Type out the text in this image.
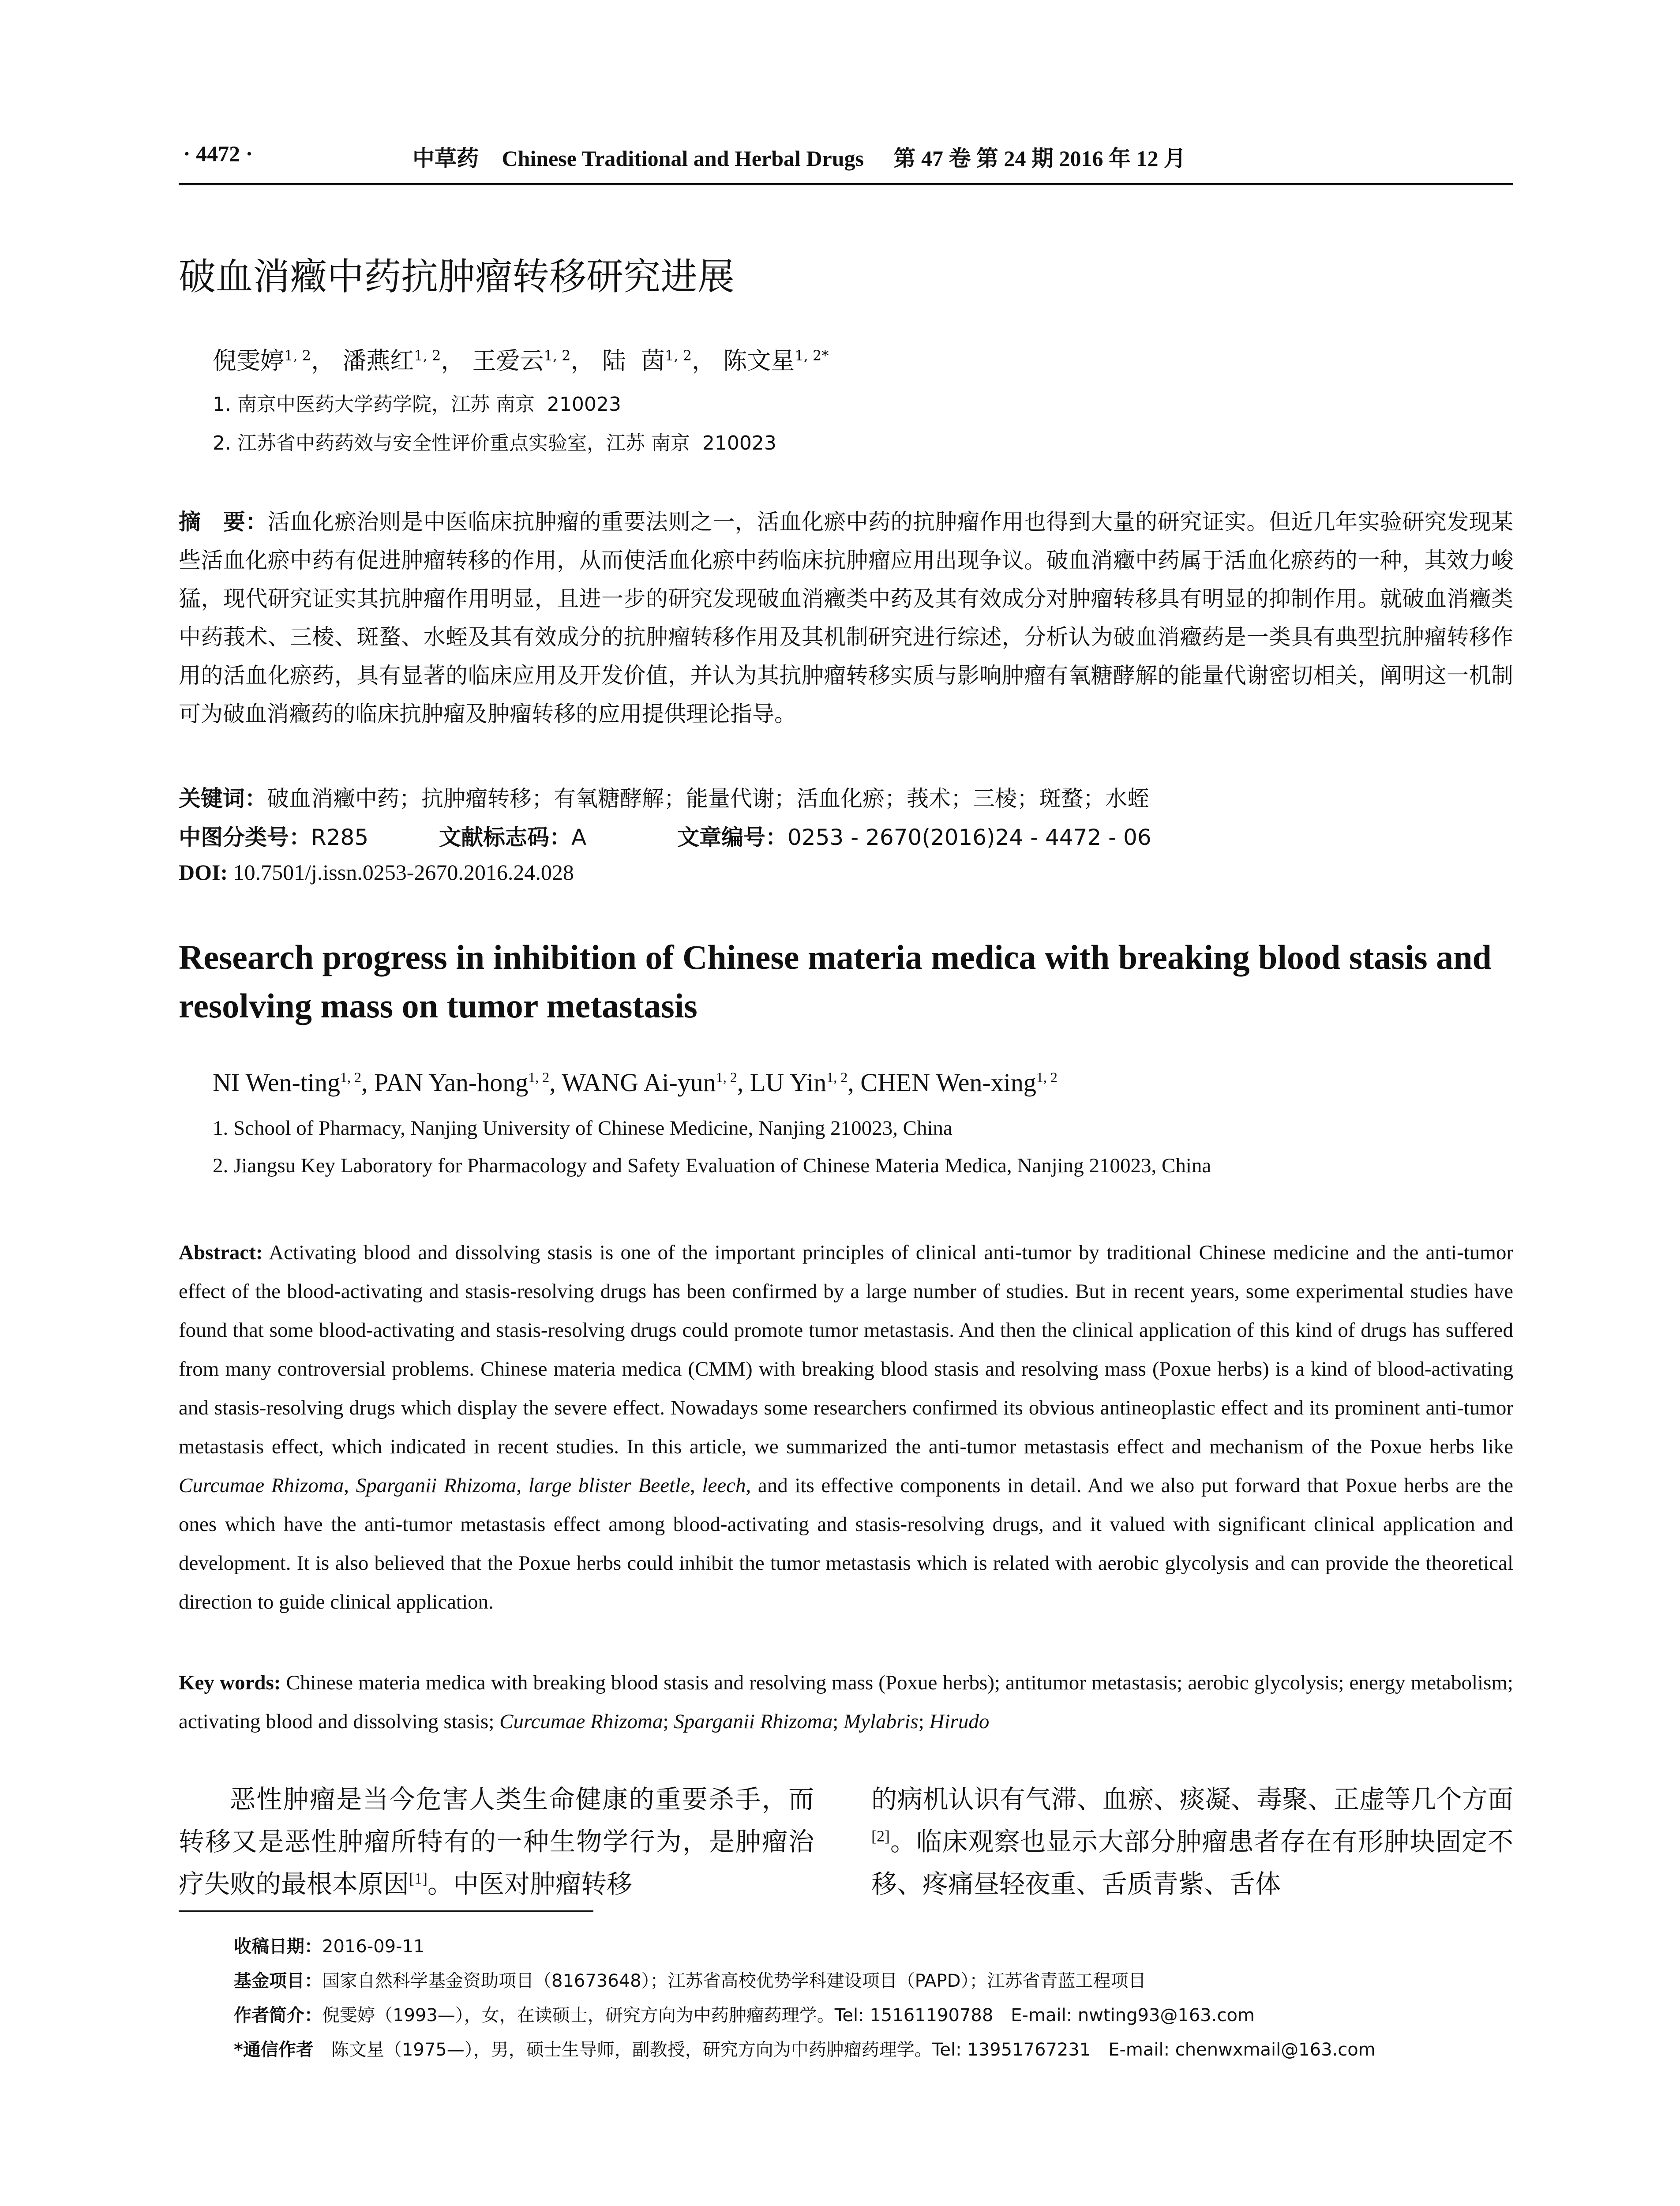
· 4472 ·	中草药 Chinese Traditional and Herbal Drugs 第 47 卷 第 24 期 2016 年 12 月
破血消癥中药抗肿瘤转移研究进展
倪雯婷$^{1, 2}$， 潘燕红$^{1, 2}$， 王爱云$^{1, 2}$， 陆  茵$^{1, 2}$， 陈文星$^{1, 2*}$
1. 南京中医药大学药学院，江苏 南京  210023
2. 江苏省中药药效与安全性评价重点实验室，江苏 南京  210023
摘　要：活血化瘀治则是中医临床抗肿瘤的重要法则之一，活血化瘀中药的抗肿瘤作用也得到大量的研究证实。但近几年实验研究发现某些活血化瘀中药有促进肿瘤转移的作用，从而使活血化瘀中药临床抗肿瘤应用出现争议。破血消癥中药属于活血化瘀药的一种，其效力峻猛，现代研究证实其抗肿瘤作用明显，且进一步的研究发现破血消癥类中药及其有效成分对肿瘤转移具有明显的抑制作用。就破血消癥类中药莪术、三棱、斑蝥、水蛭及其有效成分的抗肿瘤转移作用及其机制研究进行综述，分析认为破血消癥药是一类具有典型抗肿瘤转移作用的活血化瘀药，具有显著的临床应用及开发价值，并认为其抗肿瘤转移实质与影响肿瘤有氧糖酵解的能量代谢密切相关，阐明这一机制可为破血消癥药的临床抗肿瘤及肿瘤转移的应用提供理论指导。
关键词：破血消癥中药；抗肿瘤转移；有氧糖酵解；能量代谢；活血化瘀；莪术；三棱；斑蝥；水蛭
中图分类号：R285	文献标志码：A	文章编号：0253 - 2670(2016)24 - 4472 - 06
DOI: 10.7501/j.issn.0253-2670.2016.24.028
Research progress in inhibition of Chinese materia medica with breaking blood stasis and resolving mass on tumor metastasis
NI Wen-ting$^{1, 2}$, PAN Yan-hong$^{1, 2}$, WANG Ai-yun$^{1, 2}$, LU Yin$^{1, 2}$, CHEN Wen-xing$^{1, 2}$
1. School of Pharmacy, Nanjing University of Chinese Medicine, Nanjing 210023, China
2. Jiangsu Key Laboratory for Pharmacology and Safety Evaluation of Chinese Materia Medica, Nanjing 210023, China
Abstract: Activating blood and dissolving stasis is one of the important principles of clinical anti-tumor by traditional Chinese medicine and the anti-tumor effect of the blood-activating and stasis-resolving drugs has been confirmed by a large number of studies. But in recent years, some experimental studies have found that some blood-activating and stasis-resolving drugs could promote tumor metastasis. And then the clinical application of this kind of drugs has suffered from many controversial problems. Chinese materia medica (CMM) with breaking blood stasis and resolving mass (Poxue herbs) is a kind of blood-activating and stasis-resolving drugs which display the severe effect. Nowadays some researchers confirmed its obvious antineoplastic effect and its prominent anti-tumor metastasis effect, which indicated in recent studies. In this article, we summarized the anti-tumor metastasis effect and mechanism of the Poxue herbs like Curcumae Rhizoma, Sparganii Rhizoma, large blister Beetle, leech, and its effective components in detail. And we also put forward that Poxue herbs are the ones which have the anti-tumor metastasis effect among blood-activating and stasis-resolving drugs, and it valued with significant clinical application and development. It is also believed that the Poxue herbs could inhibit the tumor metastasis which is related with aerobic glycolysis and can provide the theoretical direction to guide clinical application.
Key words: Chinese materia medica with breaking blood stasis and resolving mass (Poxue herbs); antitumor metastasis; aerobic glycolysis; energy metabolism; activating blood and dissolving stasis; Curcumae Rhizoma; Sparganii Rhizoma; Mylabris; Hirudo
恶性肿瘤是当今危害人类生命健康的重要杀手，而转移又是恶性肿瘤所特有的一种生物学行为，是肿瘤治疗失败的最根本原因[1]。中医对肿瘤转移
的病机认识有气滞、血瘀、痰凝、毒聚、正虚等几个方面[2]。临床观察也显示大部分肿瘤患者存在有形肿块固定不移、疼痛昼轻夜重、舌质青紫、舌体
收稿日期：2016-09-11
基金项目：国家自然科学基金资助项目（81673648）；江苏省高校优势学科建设项目（PAPD）；江苏省青蓝工程项目
作者简介：倪雯婷（1993—），女，在读硕士，研究方向为中药肿瘤药理学。Tel: 15161190788　E-mail: nwting93@163.com
*通信作者　陈文星（1975—），男，硕士生导师，副教授，研究方向为中药肿瘤药理学。Tel: 13951767231　E-mail: chenwxmail@163.com
